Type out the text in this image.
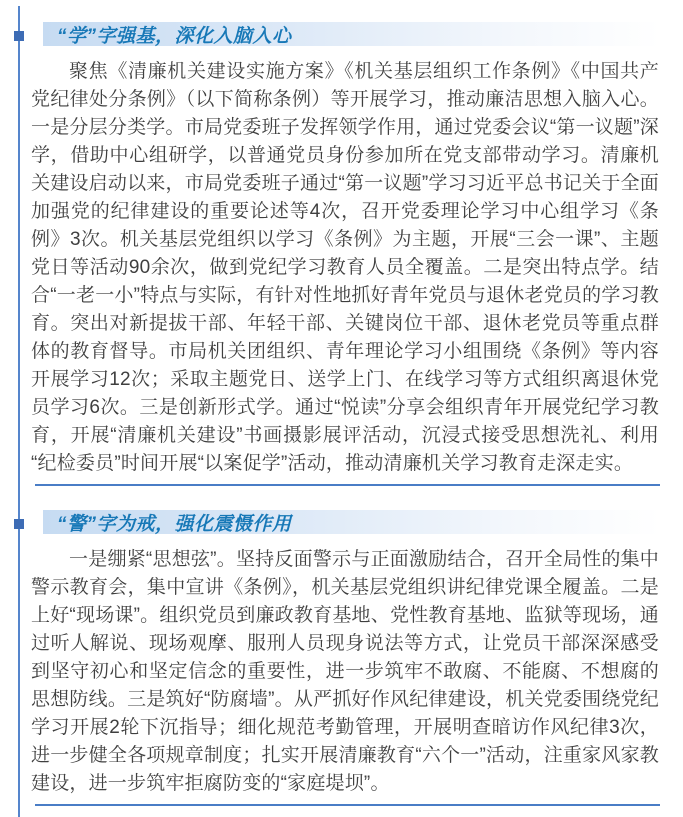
“学”字强基，深化入脑入心

聚焦《清廉机关建设实施方案》《机关基层组织工作条例》《中国共产党纪律处分条例》（以下简称条例）等开展学习，推动廉洁思想入脑入心。一是分层分类学。市局党委班子发挥领学作用，通过党委会议“第一议题”深学，借助中心组研学，以普通党员身份参加所在党支部带动学习。清廉机关建设启动以来，市局党委班子通过“第一议题”学习习近平总书记关于全面加强党的纪律建设的重要论述等4次，召开党委理论学习中心组学习《条例》3次。机关基层党组织以学习《条例》为主题，开展“三会一课”、主题党日等活动90余次，做到党纪学习教育人员全覆盖。二是突出特点学。结合“一老一小”特点与实际，有针对性地抓好青年党员与退休老党员的学习教育。突出对新提拔干部、年轻干部、关键岗位干部、退休老党员等重点群体的教育督导。市局机关团组织、青年理论学习小组围绕《条例》等内容开展学习12次；采取主题党日、送学上门、在线学习等方式组织离退休党员学习6次。三是创新形式学。通过“悦读”分享会组织青年开展党纪学习教育，开展“清廉机关建设”书画摄影展评活动，沉浸式接受思想洗礼、利用“纪检委员”时间开展“以案促学”活动，推动清廉机关学习教育走深走实。

“警”字为戒，强化震慑作用

一是绷紧“思想弦”。坚持反面警示与正面激励结合，召开全局性的集中警示教育会，集中宣讲《条例》，机关基层党组织讲纪律党课全履盖。二是上好“现场课”。组织党员到廉政教育基地、党性教育基地、监狱等现场，通过听人解说、现场观摩、服刑人员现身说法等方式，让党员干部深深感受到坚守初心和坚定信念的重要性，进一步筑牢不敢腐、不能腐、不想腐的思想防线。三是筑好“防腐墙”。从严抓好作风纪律建设，机关党委围绕党纪学习开展2轮下沉指导；细化规范考勤管理，开展明查暗访作风纪律3次，进一步健全各项规章制度；扎实开展清廉教育“六个一”活动，注重家风家教建设，进一步筑牢拒腐防变的“家庭堤坝”。
